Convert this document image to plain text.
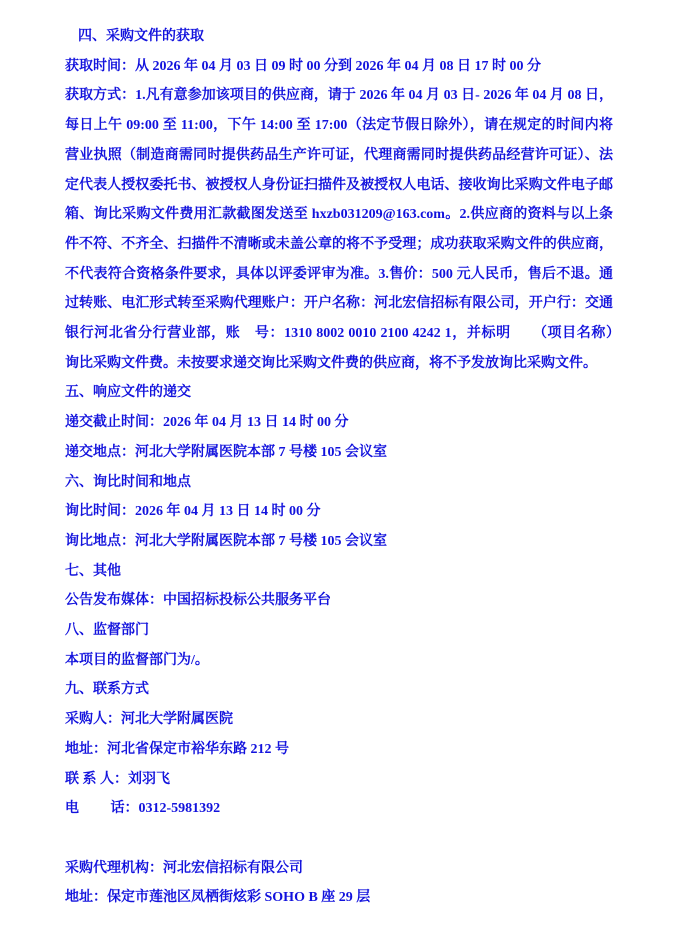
四、采购文件的获取
获取时间：从 2026 年 04 月 03 日 09 时 00 分到 2026 年 04 月 08 日 17 时 00 分
获取方式：1.凡有意参加该项目的供应商，请于 2026 年 04 月 03 日- 2026 年 04 月 08 日，每日上午 09:00 至 11:00，下午 14:00 至 17:00（法定节假日除外），请在规定的时间内将营业执照（制造商需同时提供药品生产许可证，代理商需同时提供药品经营许可证）、法定代表人授权委托书、被授权人身份证扫描件及被授权人电话、接收询比采购文件电子邮箱、询比采购文件费用汇款截图发送至 hxzb031209@163.com。2.供应商的资料与以上条件不符、不齐全、扫描件不清晰或未盖公章的将不予受理；成功获取采购文件的供应商，不代表符合资格条件要求，具体以评委评审为准。3.售价：500 元人民币，售后不退。通过转账、电汇形式转至采购代理账户：开户名称：河北宏信招标有限公司，开户行：交通银行河北省分行营业部，账　号：1310 8002 0010 2100 4242 1，并标明　　（项目名称）　　询比采购文件费。未按要求递交询比采购文件费的供应商，将不予发放询比采购文件。
五、响应文件的递交
递交截止时间：2026 年 04 月 13 日 14 时 00 分
递交地点：河北大学附属医院本部 7 号楼 105 会议室
六、询比时间和地点
询比时间：2026 年 04 月 13 日 14 时 00 分
询比地点：河北大学附属医院本部 7 号楼 105 会议室
七、其他
公告发布媒体：中国招标投标公共服务平台
八、监督部门
本项目的监督部门为/。
九、联系方式
采购人：河北大学附属医院
地址：河北省保定市裕华东路 212 号
联 系 人：刘羽飞
电　　 话：0312-5981392
采购代理机构：河北宏信招标有限公司
地址：保定市莲池区凤栖街炫彩 SOHO B 座 29 层
